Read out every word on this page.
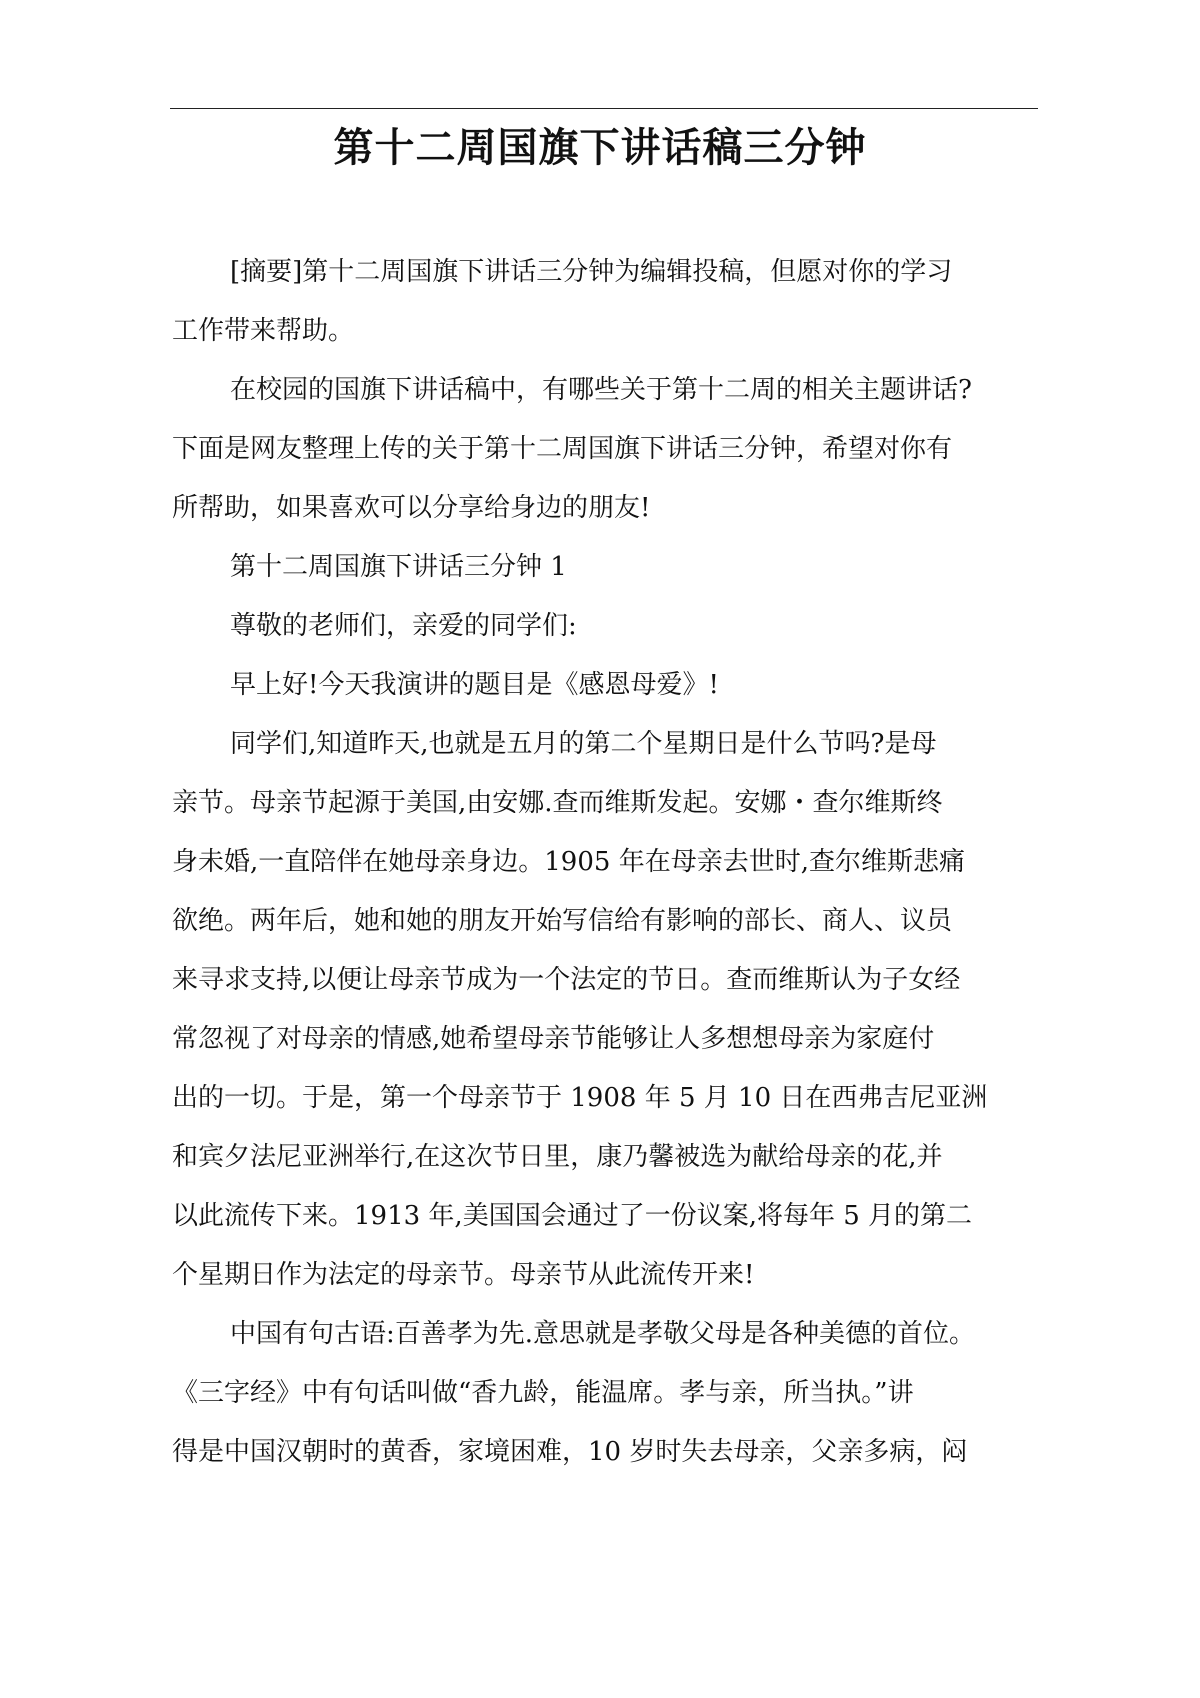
第十二周国旗下讲话稿三分钟
[摘要]第十二周国旗下讲话三分钟为编辑投稿，但愿对你的学习
工作带来帮助。
在校园的国旗下讲话稿中，有哪些关于第十二周的相关主题讲话?
下面是网友整理上传的关于第十二周国旗下讲话三分钟，希望对你有
所帮助，如果喜欢可以分享给身边的朋友!
第十二周国旗下讲话三分钟 1
尊敬的老师们，亲爱的同学们:
早上好!今天我演讲的题目是《感恩母爱》!
同学们,知道昨天,也就是五月的第二个星期日是什么节吗?是母
亲节。母亲节起源于美国,由安娜.查而维斯发起。安娜・查尔维斯终
身未婚,一直陪伴在她母亲身边。1905 年在母亲去世时,查尔维斯悲痛
欲绝。两年后，她和她的朋友开始写信给有影响的部长、商人、议员
来寻求支持,以便让母亲节成为一个法定的节日。查而维斯认为子女经
常忽视了对母亲的情感,她希望母亲节能够让人多想想母亲为家庭付
出的一切。于是，第一个母亲节于 1908 年 5 月 10 日在西弗吉尼亚洲
和宾夕法尼亚洲举行,在这次节日里，康乃馨被选为献给母亲的花,并
以此流传下来。1913 年,美国国会通过了一份议案,将每年 5 月的第二
个星期日作为法定的母亲节。母亲节从此流传开来!
中国有句古语:百善孝为先.意思就是孝敬父母是各种美德的首位。
《三字经》中有句话叫做“香九龄，能温席。孝与亲，所当执。”讲
得是中国汉朝时的黄香，家境困难，10 岁时失去母亲，父亲多病，闷
